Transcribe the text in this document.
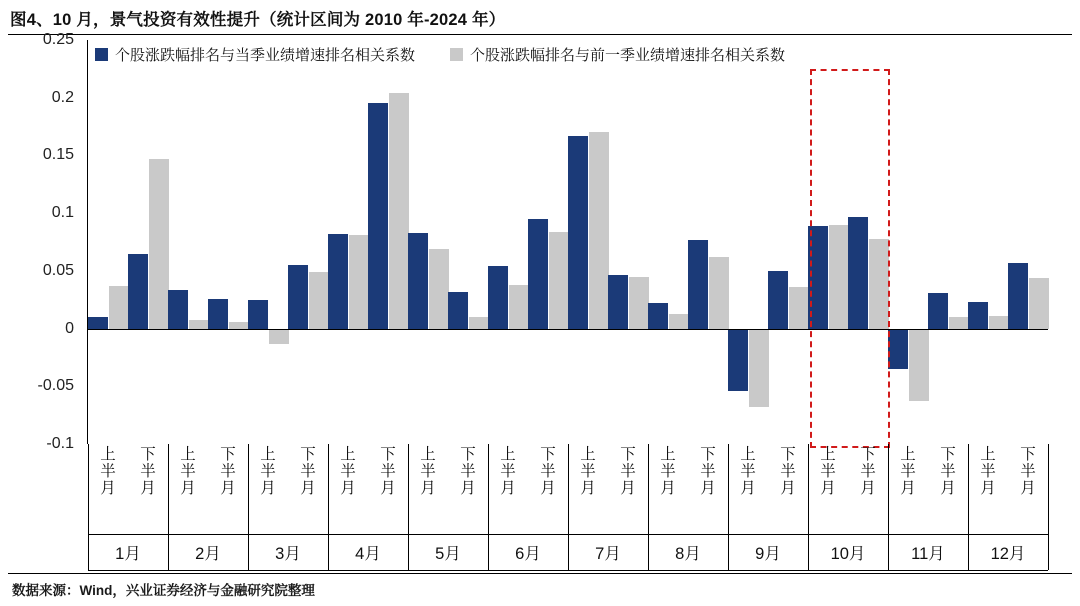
图4、10 月，景气投资有效性提升（统计区间为 2010 年-2024 年）
0.25
0.2
0.15
0.1
0.05
0
-0.05
-0.1
个股涨跌幅排名与当季业绩增速排名相关系数	个股涨跌幅排名与前一季业绩增速排名相关系数
上
半
月
下
半
月
上
半
月
下
半
月
上
半
月
下
半
月
上
半
月
下
半
月
上
半
月
下
半
月
上
半
月
下
半
月
上
半
月
下
半
月
上
半
月
下
半
月
上
半
月
下
半
月
上
半
月
下
半
月
上
半
月
下
半
月
上
半
月
下
半
月
1月	2月	3月	4月	5月	6月	7月	8月	9月	10月	11月	12月
数据来源：Wind，兴业证券经济与金融研究院整理
